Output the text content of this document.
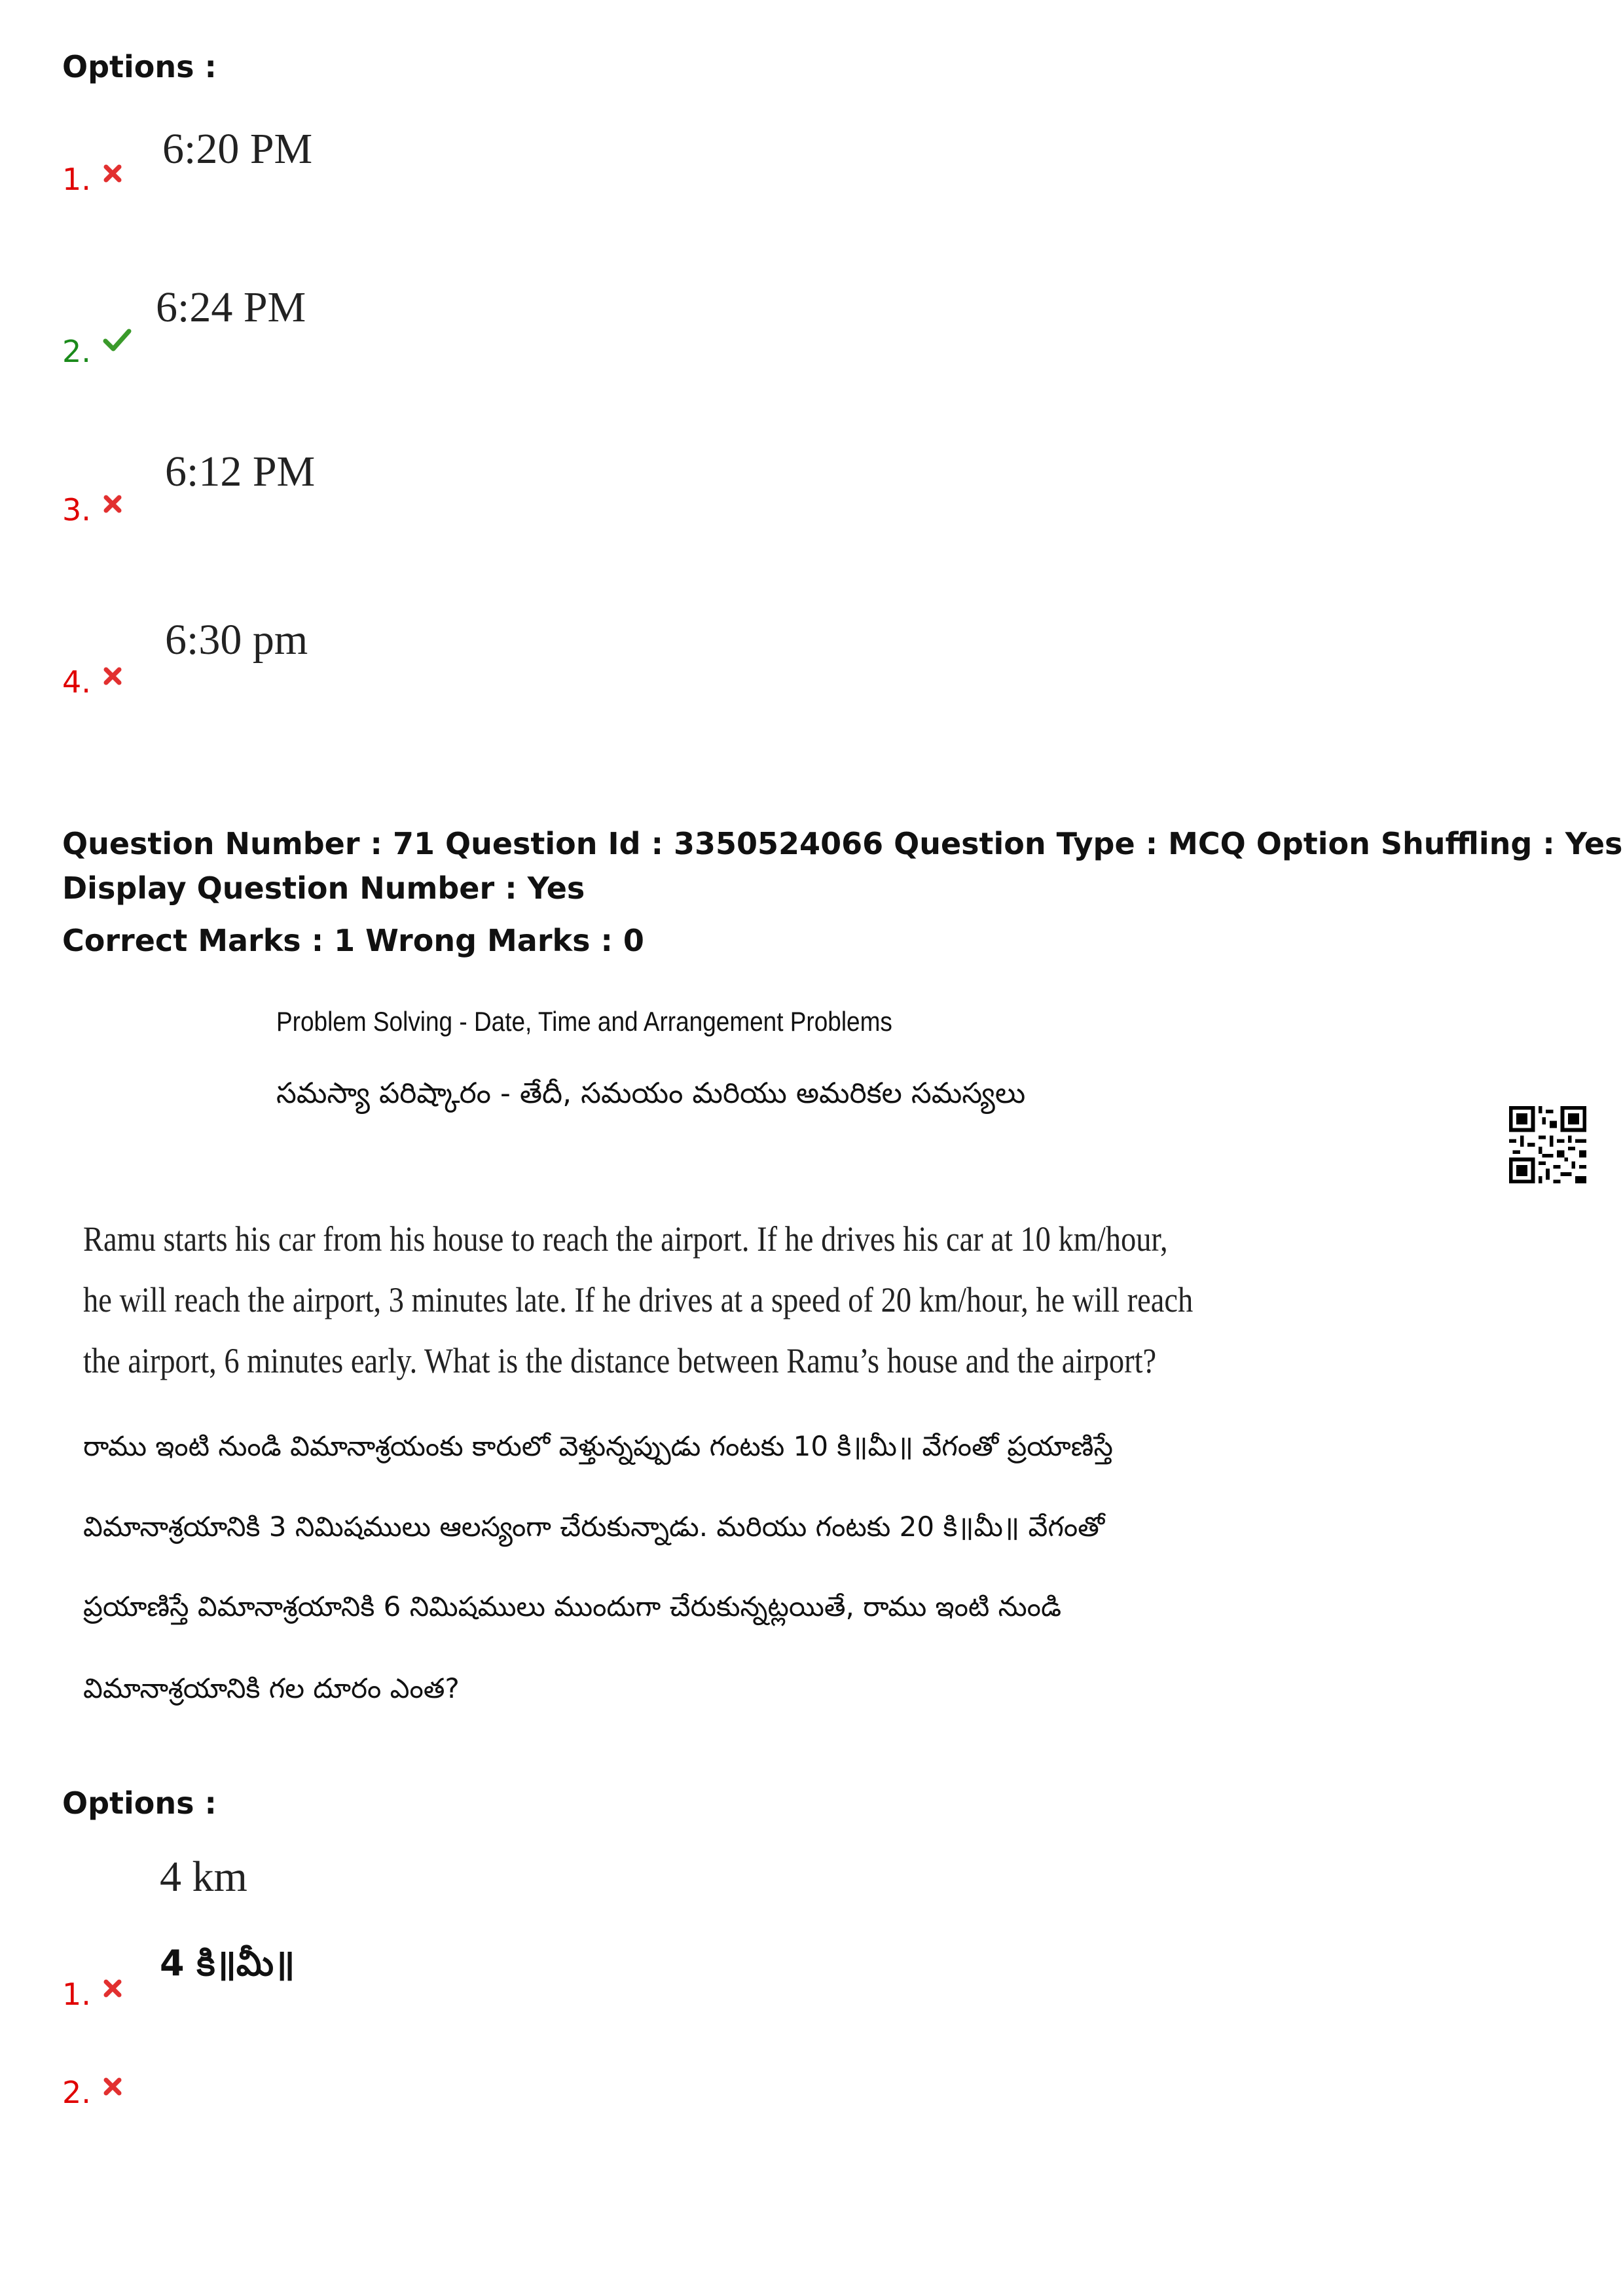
Options :
6:20 PM
1.
6:24 PM
2.
6:12 PM
3.
6:30 pm
4.
Question Number : 71 Question Id : 3350524066 Question Type : MCQ Option Shuffling : Yes
Display Question Number : Yes
Correct Marks : 1 Wrong Marks : 0
Problem Solving - Date, Time and Arrangement Problems
సమస్యా పరిష్కారం - తేదీ, సమయం మరియు అమరికల సమస్యలు
Ramu starts his car from his house to reach the airport. If he drives his car at 10 km/hour,
he will reach the airport, 3 minutes late. If he drives at a speed of 20 km/hour, he will reach
the airport, 6 minutes early. What is the distance between Ramu’s house and the airport?
రాము ఇంటి నుండి విమానాశ్రయంకు కారులో వెళ్తున్నప్పుడు గంటకు 10 కి॥మీ॥ వేగంతో ప్రయాణిస్తే
విమానాశ్రయానికి 3 నిమిషములు ఆలస్యంగా చేరుకున్నాడు. మరియు గంటకు 20 కి॥మీ॥ వేగంతో
ప్రయాణిస్తే విమానాశ్రయానికి 6 నిమిషములు ముందుగా చేరుకున్నట్లయితే, రాము ఇంటి నుండి
విమానాశ్రయానికి గల దూరం ఎంత?
Options :
4 km
4 కి॥మీ॥
1.
2.
